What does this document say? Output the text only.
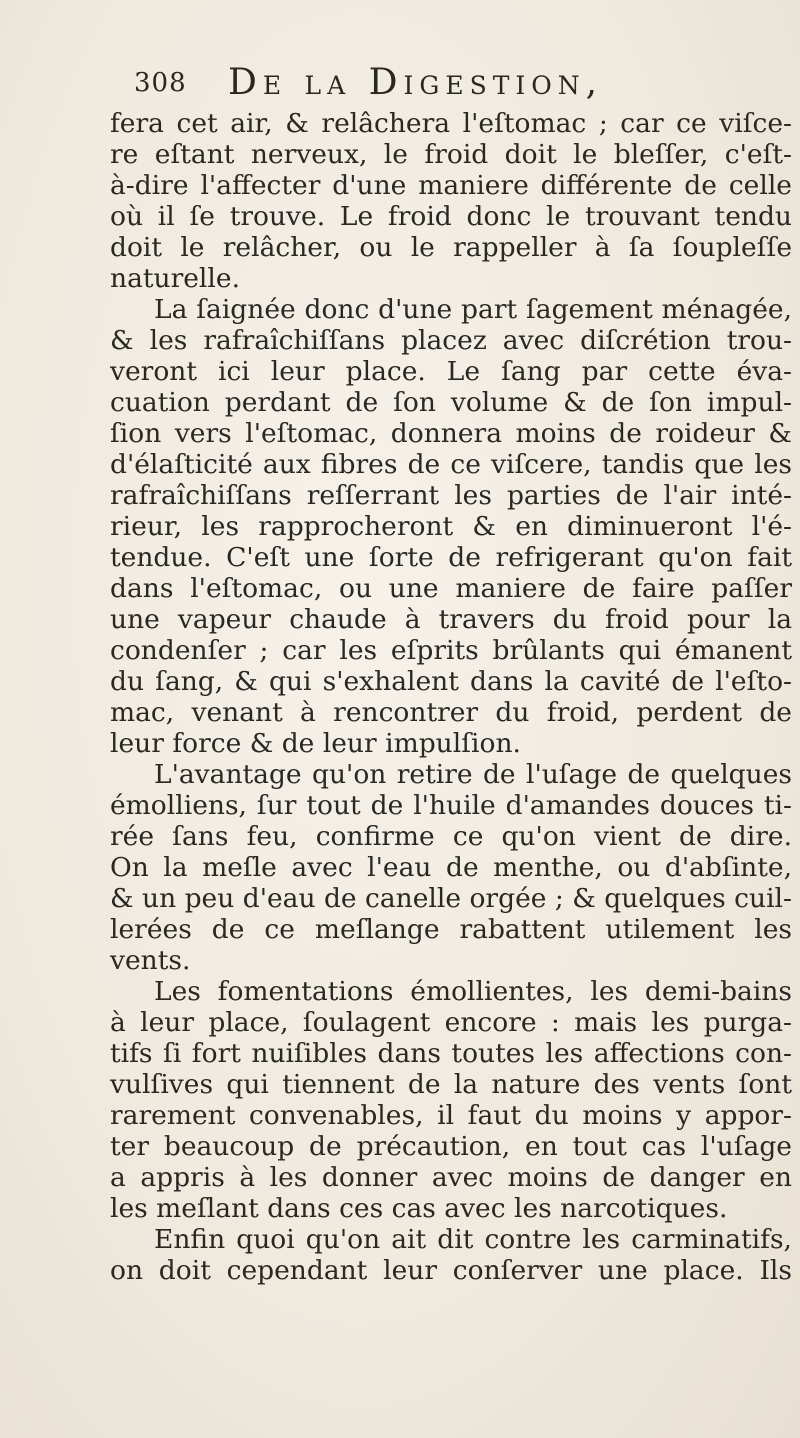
308 De la Digestion,
fera cet air, & relâchera l'eſtomac ; car ce viſce-
re eſtant nerveux, le froid doit le bleſſer, c'eſt-
à-dire l'affecter d'une maniere différente de celle
où il ſe trouve. Le froid donc le trouvant tendu
doit le relâcher, ou le rappeller à ſa ſoupleſſe
naturelle.
La ſaignée donc d'une part ſagement ménagée,
& les rafraîchiſſans placez avec diſcrétion trou-
veront ici leur place. Le ſang par cette éva-
cuation perdant de ſon volume & de ſon impul-
ſion vers l'eſtomac, donnera moins de roideur &
d'élaſticité aux fibres de ce viſcere, tandis que les
rafraîchiſſans reſſerrant les parties de l'air inté-
rieur, les rapprocheront & en diminueront l'é-
tendue. C'eſt une ſorte de refrigerant qu'on fait
dans l'eſtomac, ou une maniere de faire paſſer
une vapeur chaude à travers du froid pour la
condenſer ; car les eſprits brûlants qui émanent
du ſang, & qui s'exhalent dans la cavité de l'eſto-
mac, venant à rencontrer du froid, perdent de
leur force & de leur impulſion.
L'avantage qu'on retire de l'uſage de quelques
émolliens, ſur tout de l'huile d'amandes douces ti-
rée ſans feu, confirme ce qu'on vient de dire.
On la meſle avec l'eau de menthe, ou d'abſinte,
& un peu d'eau de canelle orgée ; & quelques cuil-
lerées de ce meſlange rabattent utilement les
vents.
Les fomentations émollientes, les demi-bains
à leur place, ſoulagent encore : mais les purga-
tifs ſi fort nuiſibles dans toutes les affections con-
vulſives qui tiennent de la nature des vents ſont
rarement convenables, il faut du moins y appor-
ter beaucoup de précaution, en tout cas l'uſage
a appris à les donner avec moins de danger en
les meſlant dans ces cas avec les narcotiques.
Enfin quoi qu'on ait dit contre les carminatifs,
on doit cependant leur conſerver une place. Ils
